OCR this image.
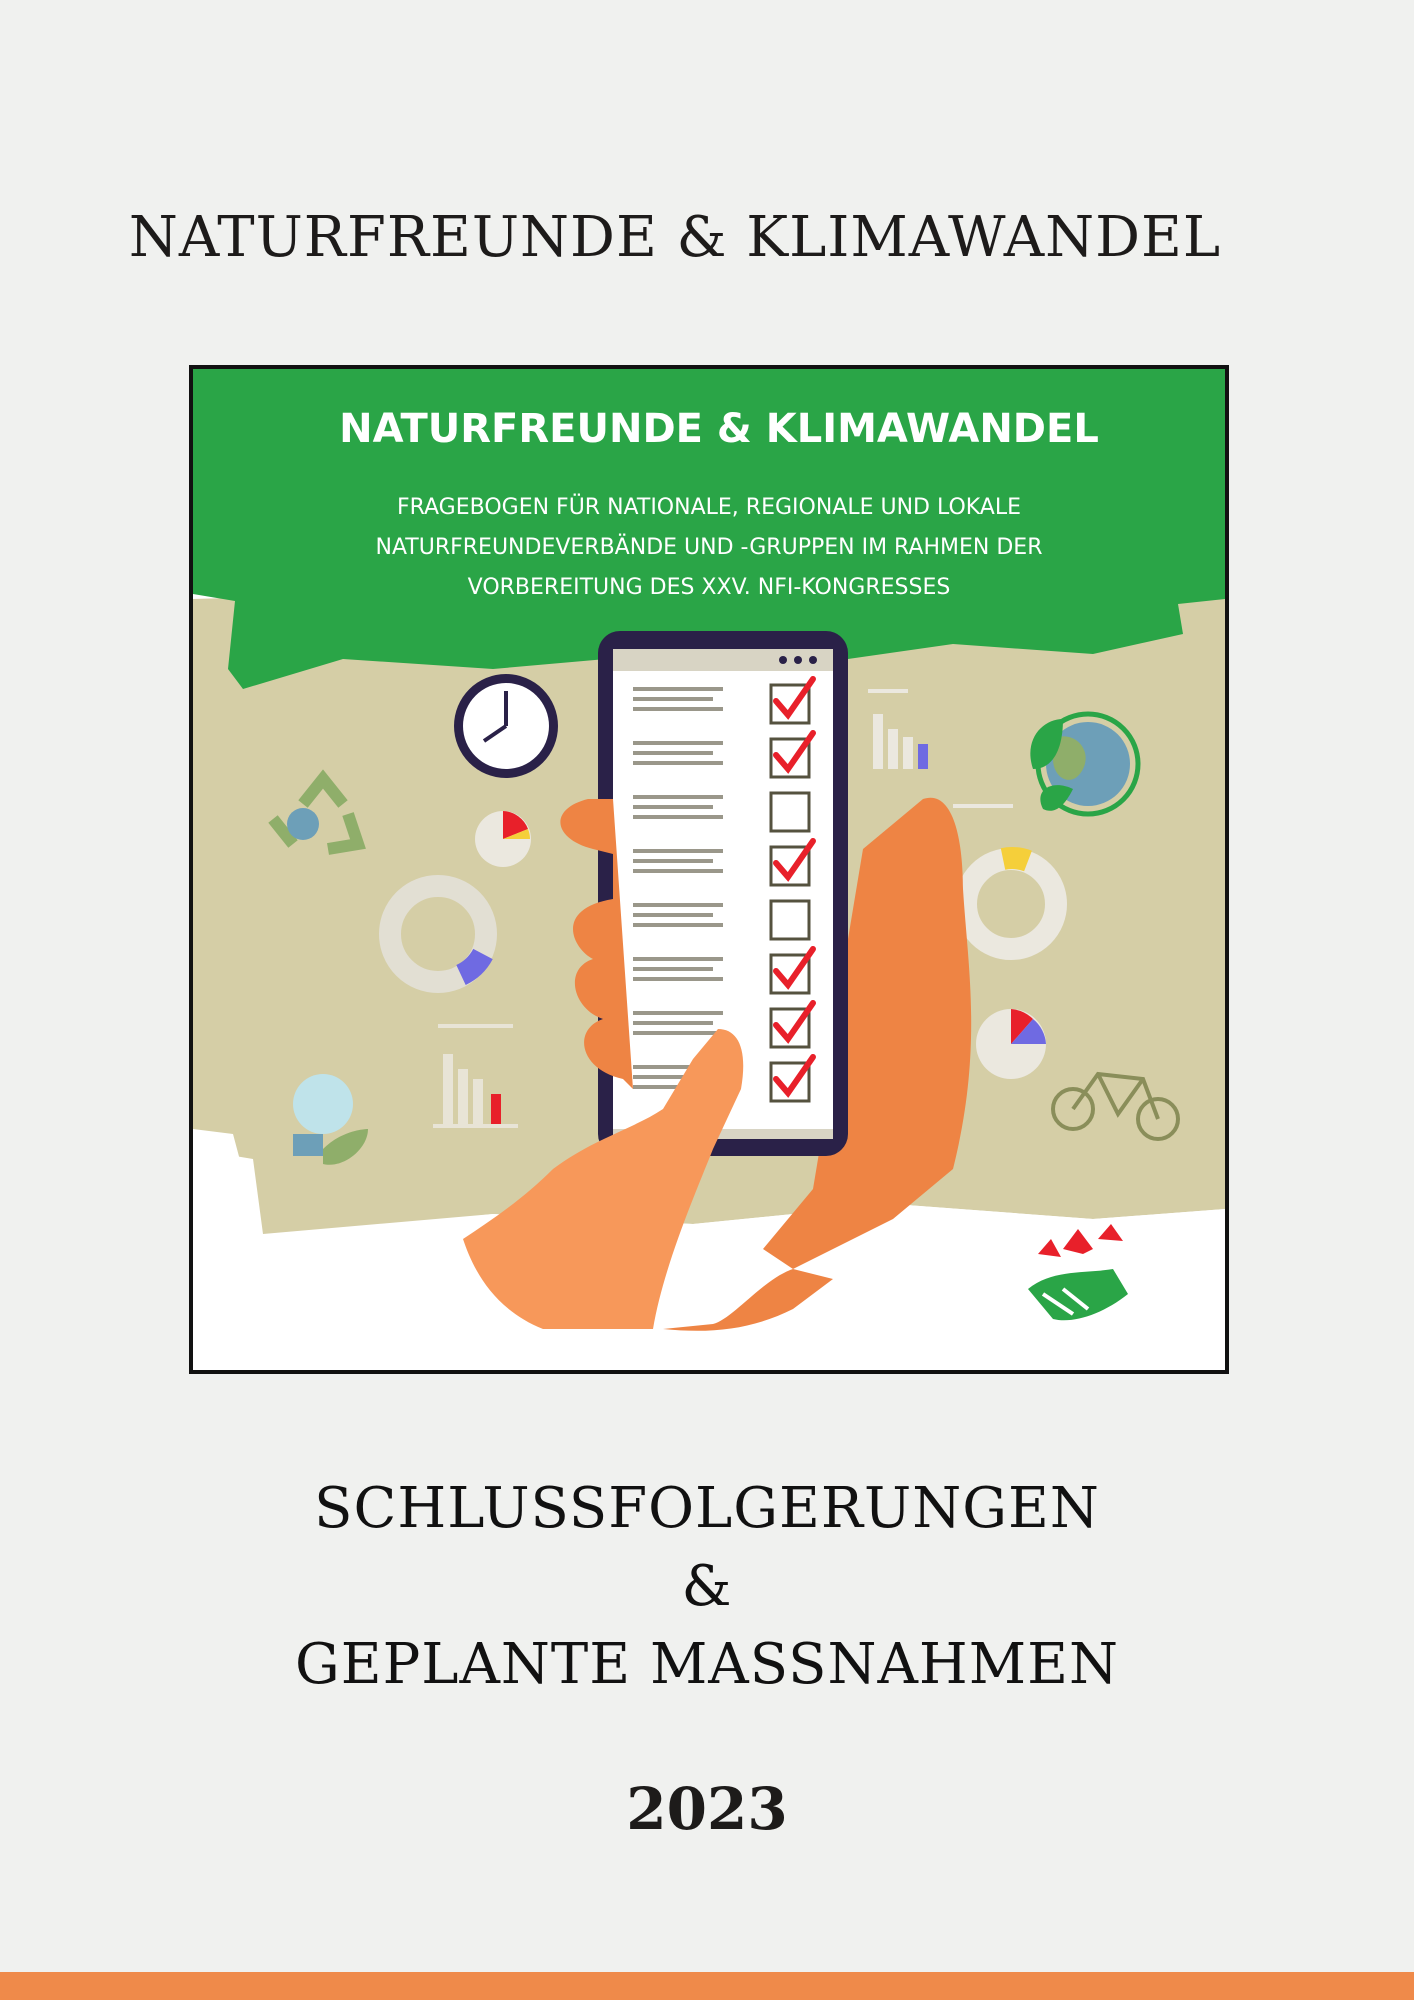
NATURFREUNDE & KLIMAWANDEL
NATURFREUNDE & KLIMAWANDEL
FRAGEBOGEN FÜR NATIONALE, REGIONALE UND LOKALE
NATURFREUNDEVERBÄNDE UND -GRUPPEN IM RAHMEN DER
VORBEREITUNG DES XXV. NFI-KONGRESSES
SCHLUSSFOLGERUNGEN
&
GEPLANTE MASSNAHMEN
2023
